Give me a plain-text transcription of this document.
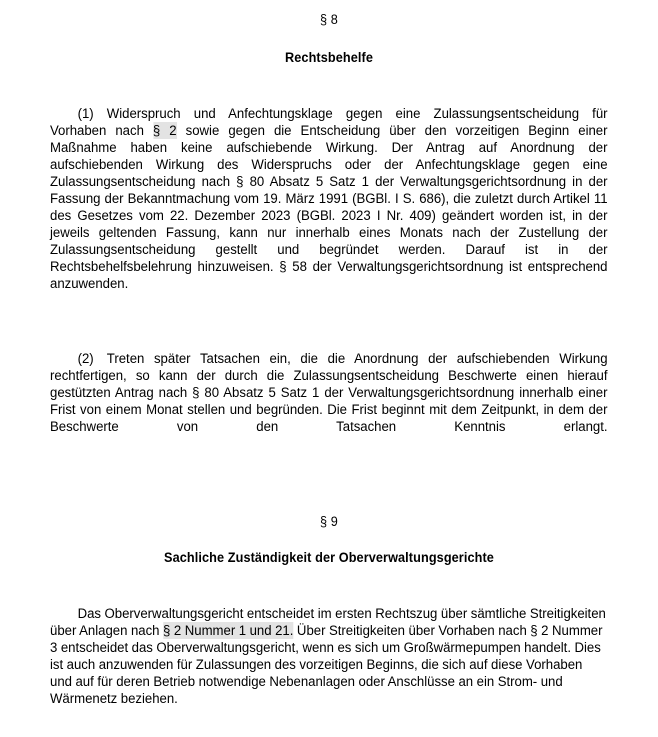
§ 8
Rechtsbehelfe

(1) Widerspruch und Anfechtungsklage gegen eine Zulassungsentscheidung für Vorhaben nach § 2 sowie gegen die Entscheidung über den vorzeitigen Beginn einer Maßnahme haben keine aufschiebende Wirkung. Der Antrag auf Anordnung der aufschiebenden Wirkung des Widerspruchs oder der Anfechtungsklage gegen eine Zulassungsentscheidung nach § 80 Absatz 5 Satz 1 der Verwaltungsgerichtsordnung in der Fassung der Bekanntmachung vom 19. März 1991 (BGBl. I S. 686), die zuletzt durch Artikel 11 des Gesetzes vom 22. Dezember 2023 (BGBl. 2023 I Nr. 409) geändert worden ist, in der jeweils geltenden Fassung, kann nur innerhalb eines Monats nach der Zustellung der Zulassungsentscheidung gestellt und begründet werden. Darauf ist in der Rechtsbehelfsbelehrung hinzuweisen. § 58 der Verwaltungsgerichtsordnung ist entsprechend anzuwenden.

(2) Treten später Tatsachen ein, die die Anordnung der aufschiebenden Wirkung rechtfertigen, so kann der durch die Zulassungsentscheidung Beschwerte einen hierauf gestützten Antrag nach § 80 Absatz 5 Satz 1 der Verwaltungsgerichtsordnung innerhalb einer Frist von einem Monat stellen und begründen. Die Frist beginnt mit dem Zeitpunkt, in dem der Beschwerte von den Tatsachen Kenntnis erlangt.

§ 9
Sachliche Zuständigkeit der Oberverwaltungsgerichte

Das Oberverwaltungsgericht entscheidet im ersten Rechtszug über sämtliche Streitigkeiten über Anlagen nach § 2 Nummer 1 und 21. Über Streitigkeiten über Vorhaben nach § 2 Nummer 3 entscheidet das Oberverwaltungsgericht, wenn es sich um Großwärmepumpen handelt. Dies ist auch anzuwenden für Zulassungen des vorzeitigen Beginns, die sich auf diese Vorhaben und auf für deren Betrieb notwendige Nebenanlagen oder Anschlüsse an ein Strom- und Wärmenetz beziehen.
